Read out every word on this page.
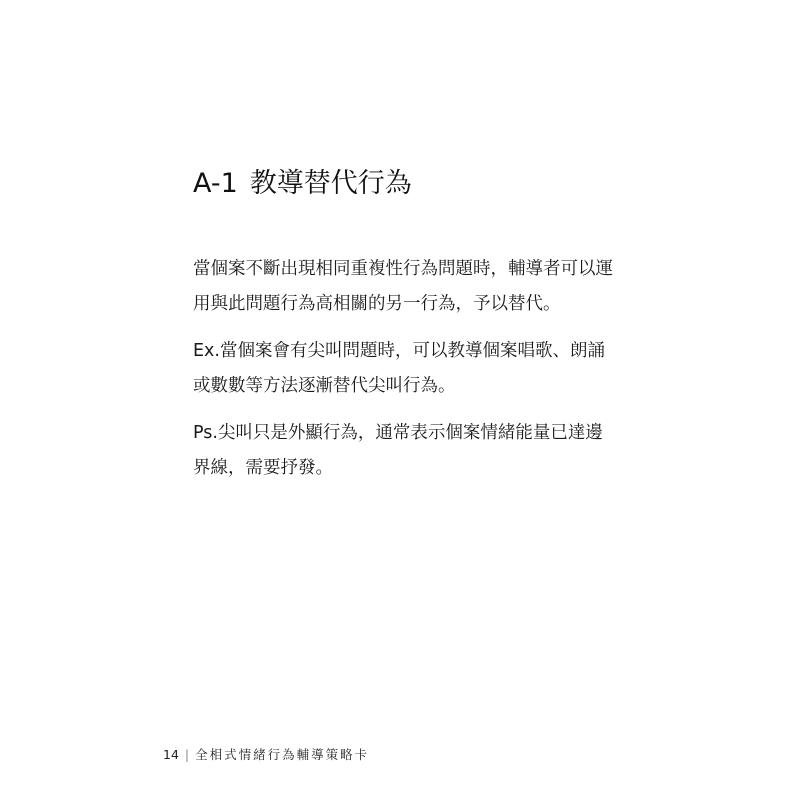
A-1 教導替代行為

當個案不斷出現相同重複性行為問題時，輔導者可以運用與此問題行為高相關的另一行為，予以替代。

Ex.當個案會有尖叫問題時，可以教導個案唱歌、朗誦或數數等方法逐漸替代尖叫行為。

Ps.尖叫只是外顯行為，通常表示個案情緒能量已達邊界線，需要抒發。

14 | 全相式情緒行為輔導策略卡
